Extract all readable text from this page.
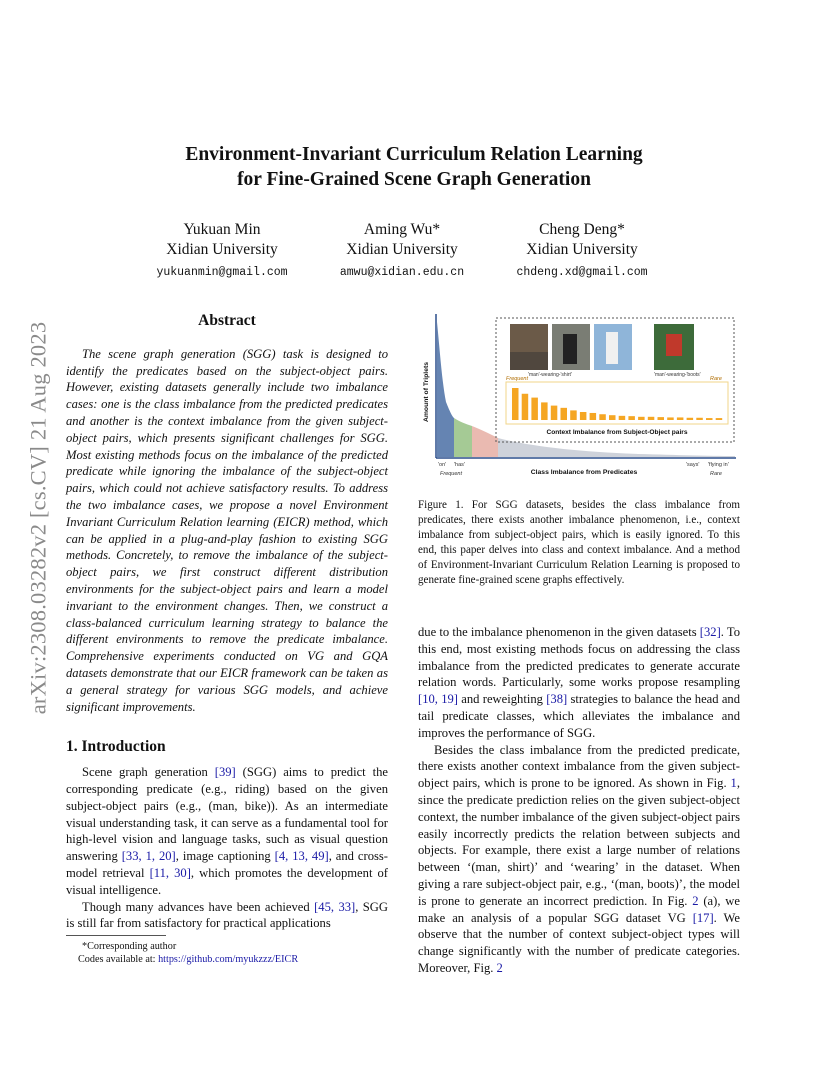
arXiv:2308.03282v2 [cs.CV] 21 Aug 2023
Environment-Invariant Curriculum Relation Learning
for Fine-Grained Scene Graph Generation
Yukuan Min
Xidian University
yukuanmin@gmail.com
Aming Wu*
Xidian University
amwu@xidian.edu.cn
Cheng Deng*
Xidian University
chdeng.xd@gmail.com
Abstract

The scene graph generation (SGG) task is designed to identify the predicates based on the subject-object pairs. However, existing datasets generally include two imbalance cases: one is the class imbalance from the predicted predicates and another is the context imbalance from the given subject-object pairs, which presents significant challenges for SGG. Most existing methods focus on the imbalance of the predicted predicate while ignoring the imbalance of the subject-object pairs, which could not achieve satisfactory results. To address the two imbalance cases, we propose a novel Environment Invariant Curriculum Relation learning (EICR) method, which can be applied in a plug-and-play fashion to existing SGG methods. Concretely, to remove the imbalance of the subject-object pairs, we first construct different distribution environments for the subject-object pairs and learn a model invariant to the environment changes. Then, we construct a class-balanced curriculum learning strategy to balance the different environments to remove the predicate imbalance. Comprehensive experiments conducted on VG and GQA datasets demonstrate that our EICR framework can be taken as a general strategy for various SGG models, and achieve significant improvements.

1. Introduction

Scene graph generation [39] (SGG) aims to predict the corresponding predicate (e.g., riding) based on the given subject-object pairs (e.g., (man, bike)). As an intermediate visual understanding task, it can serve as a fundamental tool for high-level vision and language tasks, such as visual question answering [33, 1, 20], image captioning [4, 13, 49], and cross-model retrieval [11, 30], which promotes the development of visual intelligence.

Though many advances have been achieved [45, 33], SGG is still far from satisfactory for practical applications

Frequent	Rare
'man'-wearing-'shirt'	'man'-wearing-'boots'
Context Imbalance from Subject-Object pairs
'on' 'has'	'says' 'flying in'
Frequent	Rare
Class Imbalance from Predicates
Amount of Triplets
Figure 1. For SGG datasets, besides the class imbalance from predicates, there exists another imbalance phenomenon, i.e., context imbalance from subject-object pairs, which is easily ignored. To this end, this paper delves into class and context imbalance. And a method of Environment-Invariant Curriculum Relation Learning is proposed to generate fine-grained scene graphs effectively.

due to the imbalance phenomenon in the given datasets [32]. To this end, most existing methods focus on addressing the class imbalance from the predicted predicates to generate accurate relation words. Particularly, some works propose resampling [10, 19] and reweighting [38] strategies to balance the head and tail predicate classes, which alleviates the imbalance and improves the performance of SGG.

Besides the class imbalance from the predicted predicate, there exists another context imbalance from the given subject-object pairs, which is prone to be ignored. As shown in Fig. 1, since the predicate prediction relies on the given subject-object context, the number imbalance of the given subject-object pairs easily incorrectly predicts the relation between subjects and objects. For example, there exist a large number of relations between ‘(man, shirt)’ and ‘wearing’ in the dataset. When giving a rare subject-object pair, e.g., ‘(man, boots)’, the model is prone to generate an incorrect prediction. In Fig. 2 (a), we make an analysis of a popular SGG dataset VG [17]. We observe that the number of context subject-object types will change significantly with the number of predicate categories. Moreover, Fig. 2

*Corresponding author
Codes available at: https://github.com/myukzzz/EICR
